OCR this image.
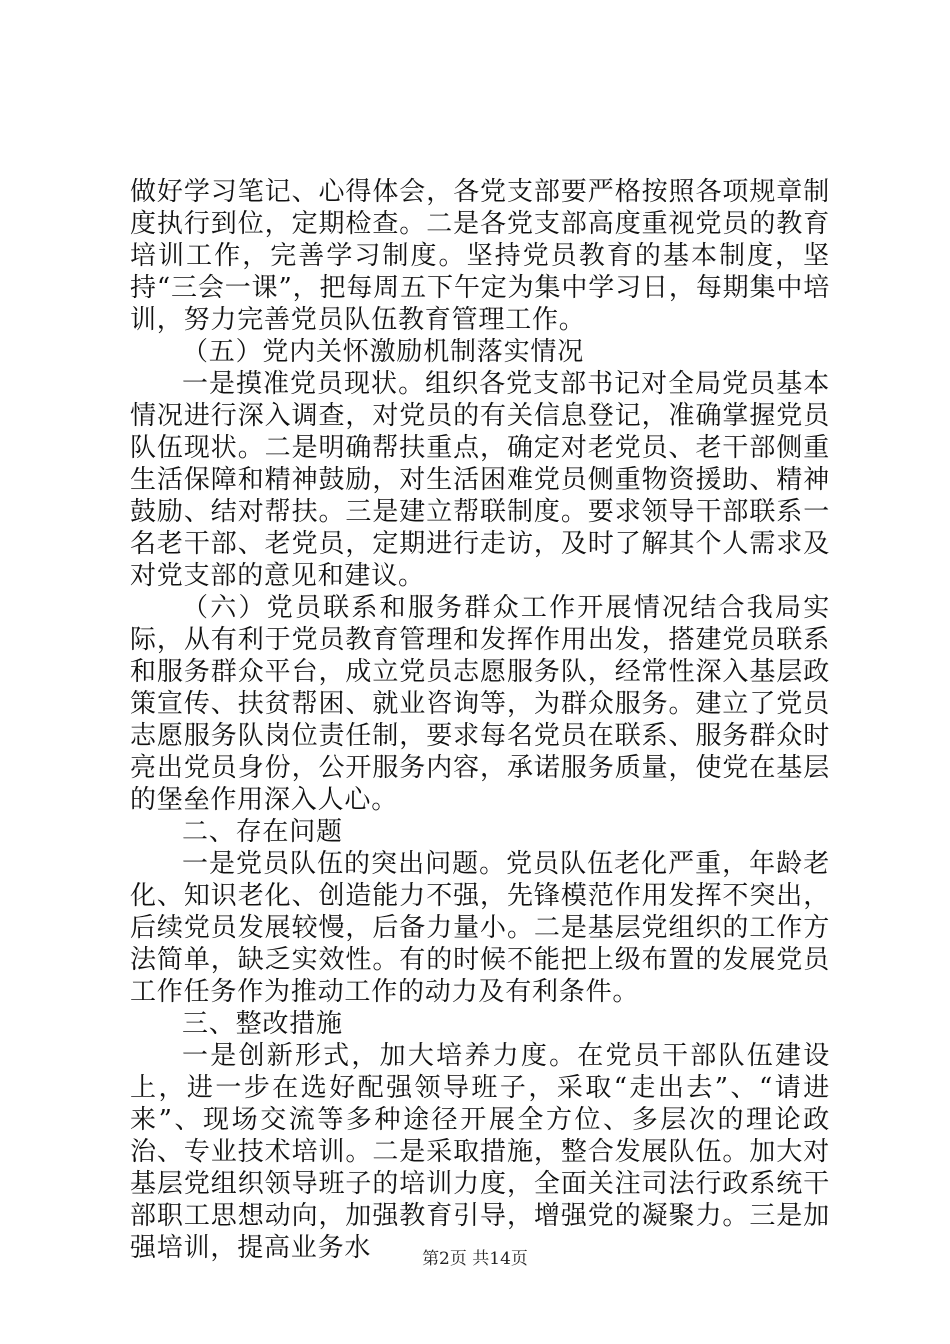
做好学习笔记、心得体会，各党支部要严格按照各项规章制度执行到位，定期检查。二是各党支部高度重视党员的教育培训工作，完善学习制度。坚持党员教育的基本制度，坚持“三会一课”，把每周五下午定为集中学习日，每期集中培训，努力完善党员队伍教育管理工作。

（五）党内关怀激励机制落实情况

一是摸准党员现状。组织各党支部书记对全局党员基本情况进行深入调查，对党员的有关信息登记，准确掌握党员队伍现状。二是明确帮扶重点，确定对老党员、老干部侧重生活保障和精神鼓励，对生活困难党员侧重物资援助、精神鼓励、结对帮扶。三是建立帮联制度。要求领导干部联系一名老干部、老党员，定期进行走访，及时了解其个人需求及对党支部的意见和建议。

（六）党员联系和服务群众工作开展情况结合我局实际，从有利于党员教育管理和发挥作用出发，搭建党员联系和服务群众平台，成立党员志愿服务队，经常性深入基层政策宣传、扶贫帮困、就业咨询等，为群众服务。建立了党员志愿服务队岗位责任制，要求每名党员在联系、服务群众时亮出党员身份，公开服务内容，承诺服务质量，使党在基层的堡垒作用深入人心。

二、存在问题

一是党员队伍的突出问题。党员队伍老化严重，年龄老化、知识老化、创造能力不强，先锋模范作用发挥不突出，后续党员发展较慢，后备力量小。二是基层党组织的工作方法简单，缺乏实效性。有的时候不能把上级布置的发展党员工作任务作为推动工作的动力及有利条件。

三、整改措施

一是创新形式，加大培养力度。在党员干部队伍建设上，进一步在选好配强领导班子，采取“走出去”、“请进来”、现场交流等多种途径开展全方位、多层次的理论政治、专业技术培训。二是采取措施，整合发展队伍。加大对基层党组织领导班子的培训力度，全面关注司法行政系统干部职工思想动向，加强教育引导，增强党的凝聚力。三是加强培训，提高业务水	第2页 共14页
